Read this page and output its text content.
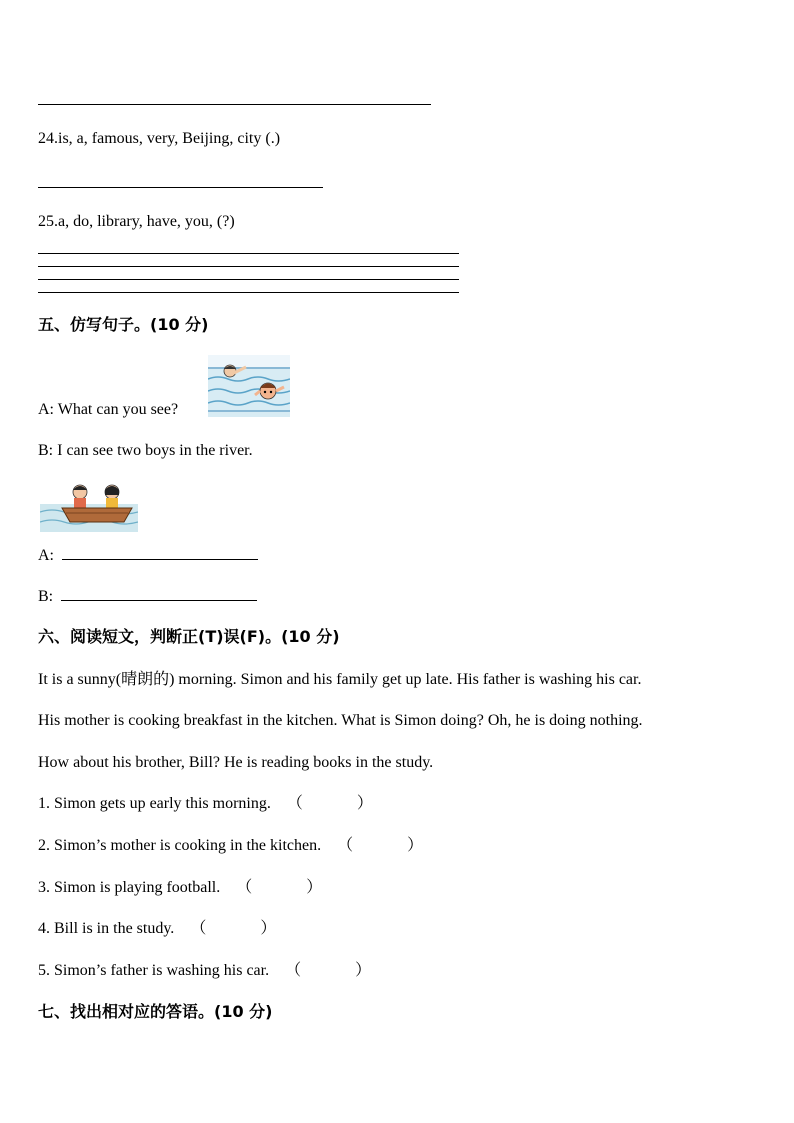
24.is, a, famous, very, Beijing, city (.)
25.a, do, library, have, you, (?)
五、仿写句子。(10 分)
A: What can you see?
B: I can see two boys in the river.
A:
B:
六、阅读短文，判断正(T)误(F)。(10 分)
It is a sunny(晴朗的) morning. Simon and his family get up late. His father is washing his car.
His mother is cooking breakfast in the kitchen. What is Simon doing? Oh, he is doing nothing.
How about his brother, Bill? He is reading books in the study.
1. Simon gets up early this morning. （	）
2. Simon’s mother is cooking in the kitchen. （	）
3. Simon is playing football. （	）
4. Bill is in the study. （	）
5. Simon’s father is washing his car. （	）
七、找出相对应的答语。(10 分)
